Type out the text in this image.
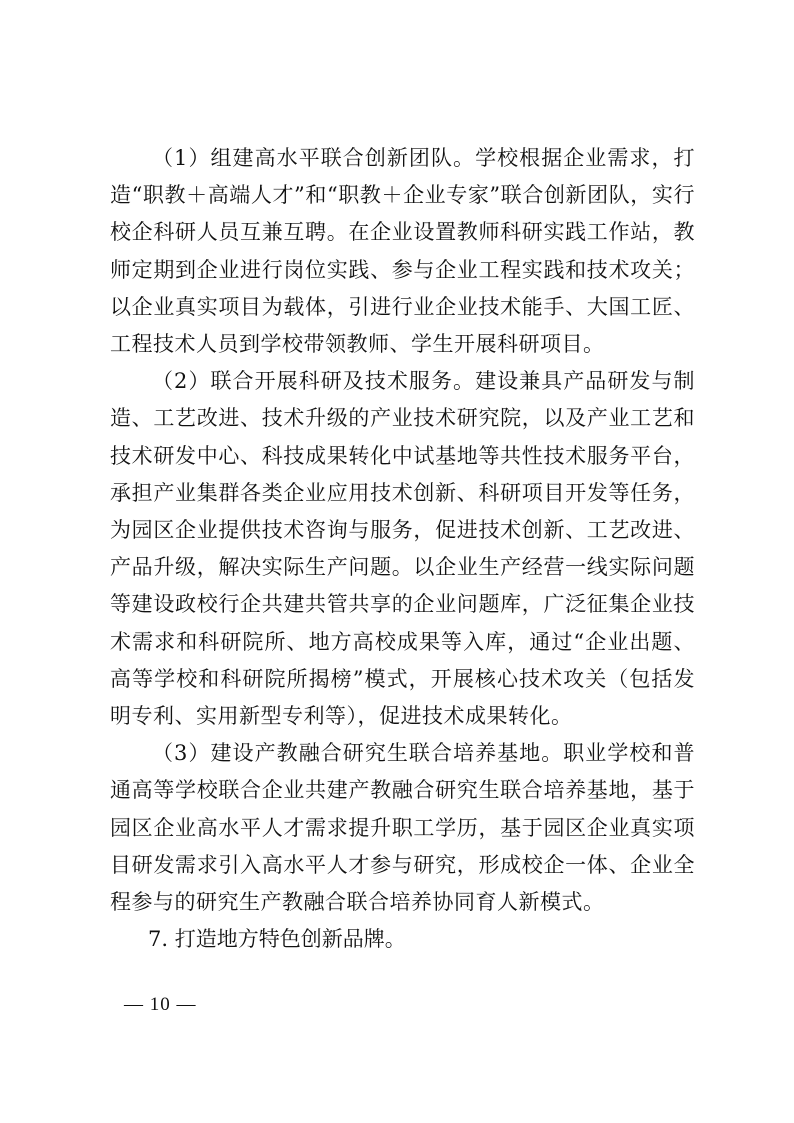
（1）组建高水平联合创新团队。学校根据企业需求，打造“职教＋高端人才”和“职教＋企业专家”联合创新团队，实行校企科研人员互兼互聘。在企业设置教师科研实践工作站，教师定期到企业进行岗位实践、参与企业工程实践和技术攻关；以企业真实项目为载体，引进行业企业技术能手、大国工匠、工程技术人员到学校带领教师、学生开展科研项目。

（2）联合开展科研及技术服务。建设兼具产品研发与制造、工艺改进、技术升级的产业技术研究院，以及产业工艺和技术研发中心、科技成果转化中试基地等共性技术服务平台，承担产业集群各类企业应用技术创新、科研项目开发等任务，为园区企业提供技术咨询与服务，促进技术创新、工艺改进、产品升级，解决实际生产问题。以企业生产经营一线实际问题等建设政校行企共建共管共享的企业问题库，广泛征集企业技术需求和科研院所、地方高校成果等入库，通过“企业出题、高等学校和科研院所揭榜”模式，开展核心技术攻关（包括发明专利、实用新型专利等），促进技术成果转化。

（3）建设产教融合研究生联合培养基地。职业学校和普通高等学校联合企业共建产教融合研究生联合培养基地，基于园区企业高水平人才需求提升职工学历，基于园区企业真实项目研发需求引入高水平人才参与研究，形成校企一体、企业全程参与的研究生产教融合联合培养协同育人新模式。

7. 打造地方特色创新品牌。

— 10 —
